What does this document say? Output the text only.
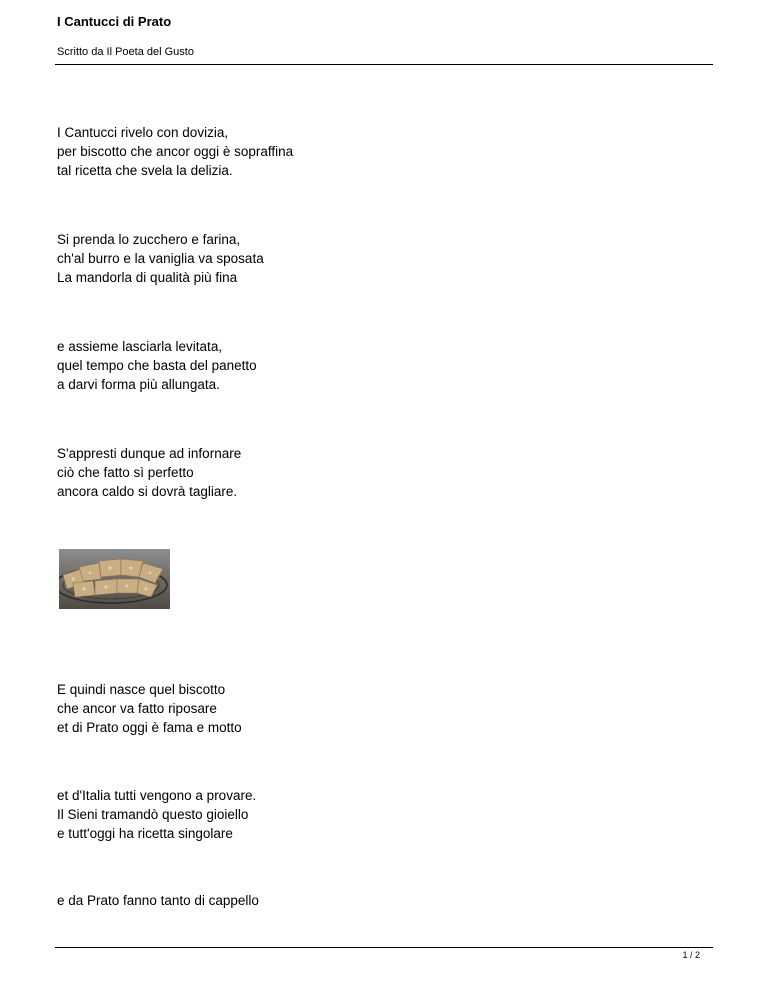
I Cantucci di Prato
Scritto da Il Poeta del Gusto
I Cantucci rivelo con dovizia,
per biscotto che ancor oggi è sopraffina
tal ricetta che svela la delizia.
Si prenda lo zucchero e farina,
ch'al burro e la vaniglia va sposata
La mandorla di qualità più fina
e assieme lasciarla levitata,
quel tempo che basta del panetto
a darvi forma più allungata.
S'appresti dunque ad infornare
ciò che fatto sì perfetto
ancora caldo si dovrà tagliare.
E quindi nasce quel biscotto
che ancor va fatto riposare
et di Prato oggi è fama e motto
et d'Italia tutti vengono a provare.
Il Sieni tramandò questo gioiello
e tutt'oggi ha ricetta singolare
e da Prato fanno tanto di cappello
1 / 2
